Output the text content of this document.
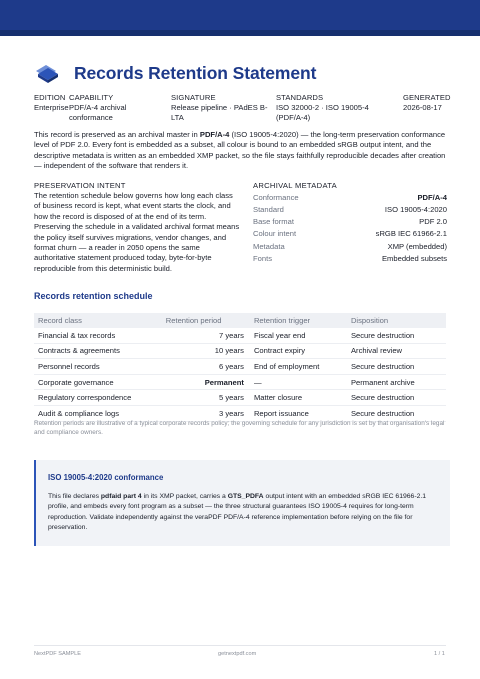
Records Retention Statement
EDITION
Enterprise
CAPABILITY
PDF/A-4 archival conformance
SIGNATURE
Release pipeline · PAdES B-LTA
STANDARDS
ISO 32000-2 · ISO 19005-4 (PDF/A-4)
GENERATED
2026-08-17
This record is preserved as an archival master in PDF/A-4 (ISO 19005-4:2020) — the long-term preservation conformance level of PDF 2.0. Every font is embedded as a subset, all colour is bound to an embedded sRGB output intent, and the descriptive metadata is written as an embedded XMP packet, so the file stays faithfully reproducible decades after creation — independent of the software that renders it.
PRESERVATION INTENT
The retention schedule below governs how long each class of business record is kept, what event starts the clock, and how the record is disposed of at the end of its term. Preserving the schedule in a validated archival format means the policy itself survives migrations, vendor changes, and format churn — a reader in 2050 opens the same authoritative statement produced today, byte-for-byte reproducible from this deterministic build.
ARCHIVAL METADATA
Conformance	PDF/A-4
Standard	ISO 19005-4:2020
Base format	PDF 2.0
Colour intent	sRGB IEC 61966-2.1
Metadata	XMP (embedded)
Fonts	Embedded subsets
Records retention schedule
Record class	Retention period	Retention trigger	Disposition
Financial & tax records	7 years	Fiscal year end	Secure destruction
Contracts & agreements	10 years	Contract expiry	Archival review
Personnel records	6 years	End of employment	Secure destruction
Corporate governance	Permanent	—	Permanent archive
Regulatory correspondence	5 years	Matter closure	Secure destruction
Audit & compliance logs	3 years	Report issuance	Secure destruction
Retention periods are illustrative of a typical corporate records policy; the governing schedule for any jurisdiction is set by that organisation's legal and compliance owners.
ISO 19005-4:2020 conformance
This file declares pdfaid part 4 in its XMP packet, carries a GTS_PDFA output intent with an embedded sRGB IEC 61966-2.1 profile, and embeds every font program as a subset — the three structural guarantees ISO 19005-4 requires for long-term reproduction. Validate independently against the veraPDF PDF/A-4 reference implementation before relying on the file for preservation.
NextPDF SAMPLE	getnextpdf.com	1 / 1
